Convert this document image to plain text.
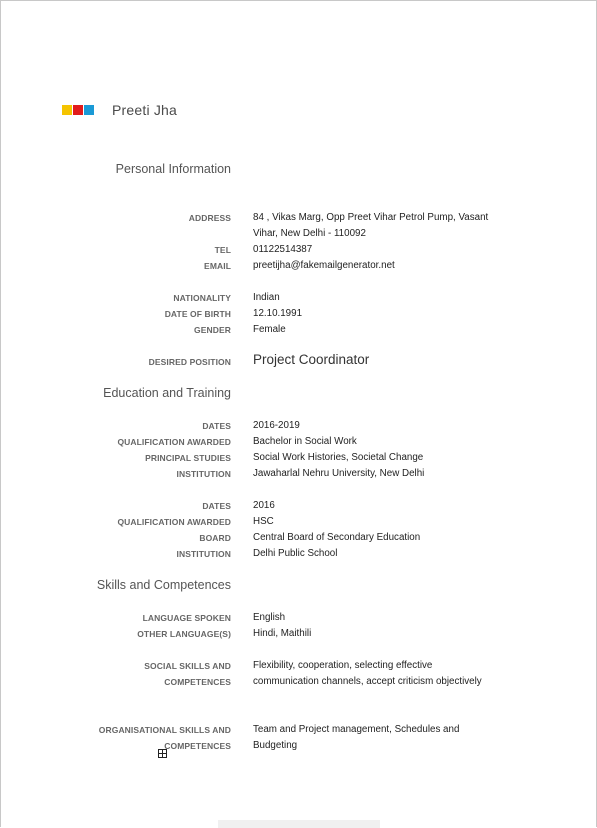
Preeti Jha
Personal Information
ADDRESS 84 , Vikas Marg, Opp Preet Vihar Petrol Pump, Vasant
Vihar, New Delhi - 110092
TEL 01122514387
EMAIL preetijha@fakemailgenerator.net
NATIONALITY Indian
DATE OF BIRTH 12.10.1991
GENDER Female
DESIRED POSITION Project Coordinator
Education and Training
DATES 2016-2019
QUALIFICATION AWARDED Bachelor in Social Work
PRINCIPAL STUDIES Social Work Histories, Societal Change
INSTITUTION Jawaharlal Nehru University, New Delhi
DATES 2016
QUALIFICATION AWARDED HSC
BOARD Central Board of Secondary Education
INSTITUTION Delhi Public School
Skills and Competences
LANGUAGE SPOKEN English
OTHER LANGUAGE(S) Hindi, Maithili
SOCIAL SKILLS AND
COMPETENCES
Flexibility, cooperation, selecting effective
communication channels, accept criticism objectively
ORGANISATIONAL SKILLS AND
COMPETENCES
Team and Project management, Schedules and
Budgeting
